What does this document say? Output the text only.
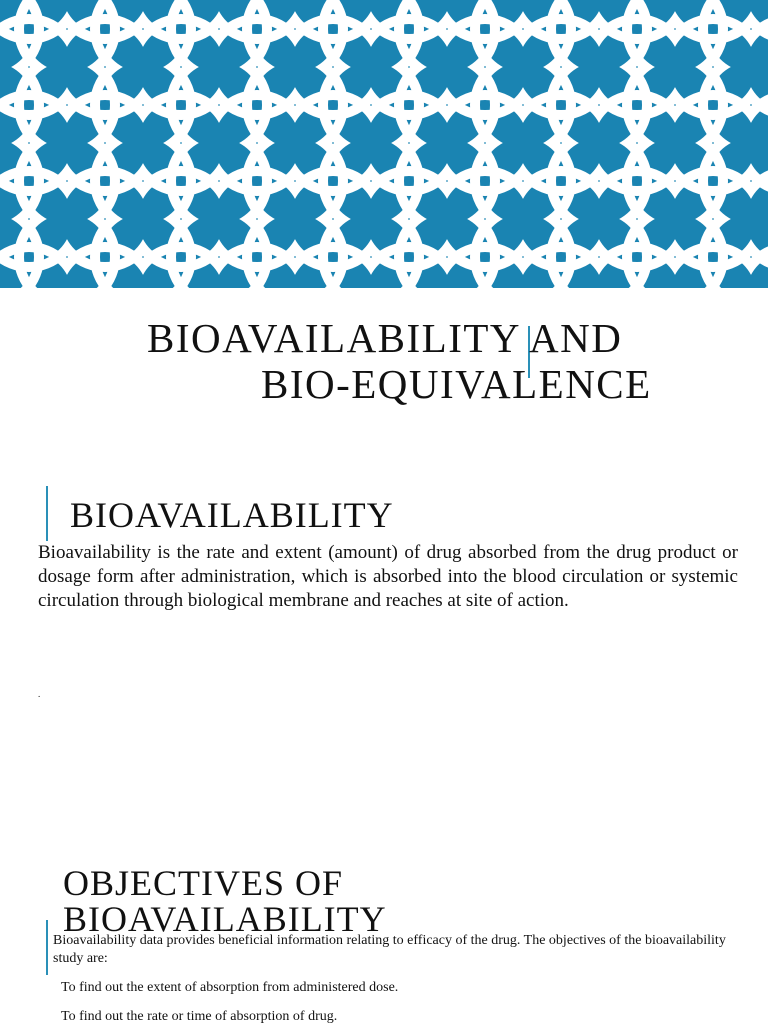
BIOAVAILABILITY AND
BIO-EQUIVALENCE
BIOAVAILABILITY

Bioavailability is the rate and extent (amount) of drug absorbed from the drug product or dosage form after administration, which is absorbed into the blood circulation or systemic circulation through biological membrane and reaches at site of action.

.

OBJECTIVES OF
BIOAVAILABILITY

Bioavailability data provides beneficial information relating to efficacy of the drug. The objectives of the bioavailability study are:

To find out the extent of absorption from administered dose.

To find out the rate or time of absorption of drug.
